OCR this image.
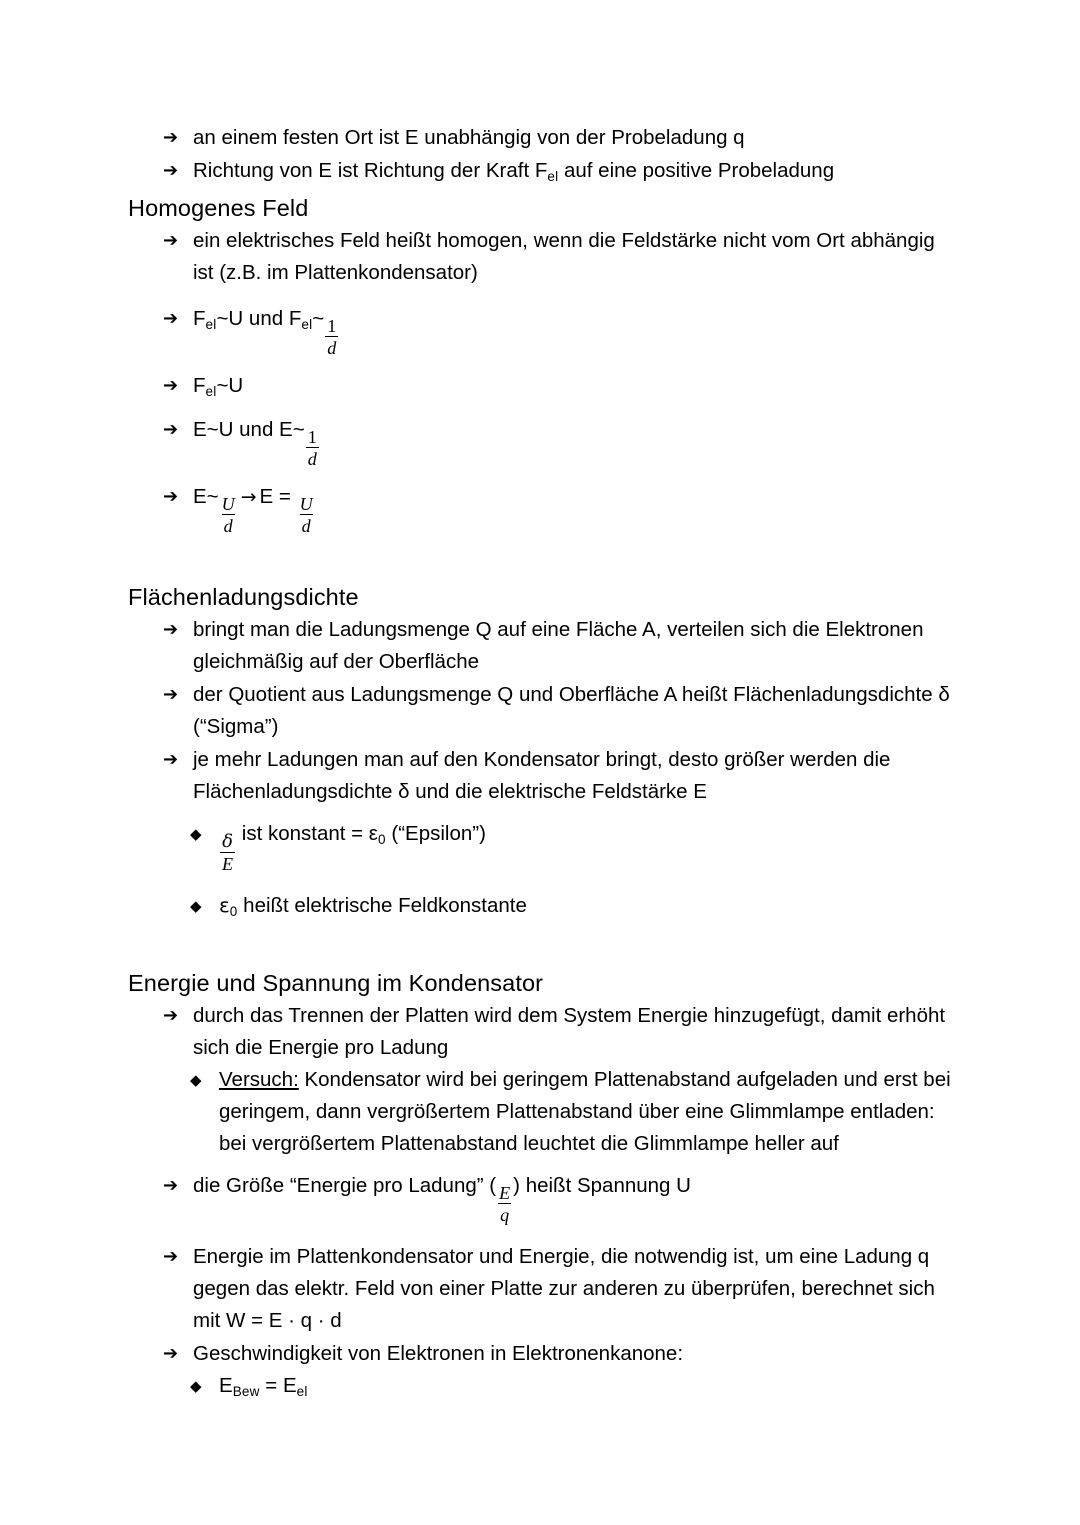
➔ an einem festen Ort ist E unabhängig von der Probeladung q
➔ Richtung von E ist Richtung der Kraft $F_{el}$ auf eine positive Probeladung
Homogenes Feld
➔ ein elektrisches Feld heißt homogen, wenn die Feldstärke nicht vom Ort abhängig ist (z.B. im Plattenkondensator)
➔ $F_{el}\sim U$ und $F_{el}\sim \frac{1}{d}$
➔ $F_{el}\sim U$
➔ E~U und E~ $\frac{1}{d}$
➔ E~ $\frac{U}{d} \to E = \frac{U}{d}$
Flächenladungsdichte
➔ bringt man die Ladungsmenge Q auf eine Fläche A, verteilen sich die Elektronen gleichmäßig auf der Oberfläche
➔ der Quotient aus Ladungsmenge Q und Oberfläche A heißt Flächenladungsdichte δ (“Sigma”)
➔ je mehr Ladungen man auf den Kondensator bringt, desto größer werden die Flächenladungsdichte δ und die elektrische Feldstärke E
◆ $\frac{\delta}{E}$ ist konstant = $\varepsilon_0$ (“Epsilon”)
◆ $\varepsilon_0$ heißt elektrische Feldkonstante
Energie und Spannung im Kondensator
➔ durch das Trennen der Platten wird dem System Energie hinzugefügt, damit erhöht sich die Energie pro Ladung
◆ Versuch: Kondensator wird bei geringem Plattenabstand aufgeladen und erst bei geringem, dann vergrößertem Plattenabstand über eine Glimmlampe entladen: bei vergrößertem Plattenabstand leuchtet die Glimmlampe heller auf
➔ die Größe “Energie pro Ladung” ( $\frac{E}{q}$ ) heißt Spannung U
➔ Energie im Plattenkondensator und Energie, die notwendig ist, um eine Ladung q gegen das elektr. Feld von einer Platte zur anderen zu überprüfen, berechnet sich mit W = E · q · d
➔ Geschwindigkeit von Elektronen in Elektronenkanone:
◆ $E_{Bew} = E_{el}$
